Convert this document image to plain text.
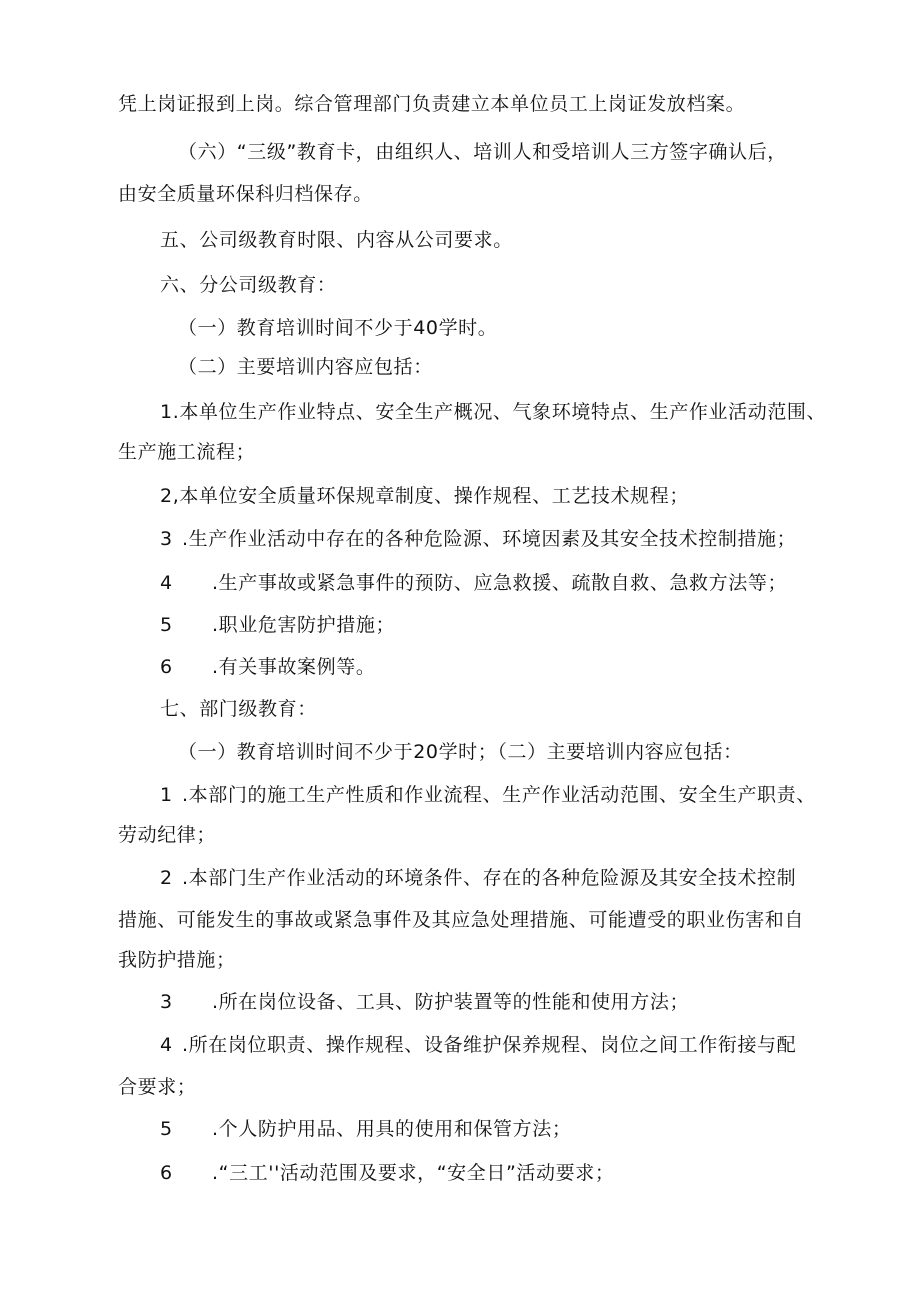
凭上岗证报到上岗。综合管理部门负责建立本单位员工上岗证发放档案。
（六）“三级”教育卡，由组织人、培训人和受培训人三方签字确认后，
由安全质量环保科归档保存。
五、公司级教育时限、内容从公司要求。
六、分公司级教育：
（一）教育培训时间不少于40学时。
（二）主要培训内容应包括：
1.本单位生产作业特点、安全生产概况、气象环境特点、生产作业活动范围、
生产施工流程；
2,本单位安全质量环保规章制度、操作规程、工艺技术规程；
3 .生产作业活动中存在的各种危险源、环境因素及其安全技术控制措施；
4	.生产事故或紧急事件的预防、应急救援、疏散自救、急救方法等；
5	.职业危害防护措施；
6	.有关事故案例等。
七、部门级教育：
（一）教育培训时间不少于20学时；（二）主要培训内容应包括：
1 .本部门的施工生产性质和作业流程、生产作业活动范围、安全生产职责、
劳动纪律；
2 .本部门生产作业活动的环境条件、存在的各种危险源及其安全技术控制
措施、可能发生的事故或紧急事件及其应急处理措施、可能遭受的职业伤害和自
我防护措施；
3	.所在岗位设备、工具、防护装置等的性能和使用方法；
4 .所在岗位职责、操作规程、设备维护保养规程、岗位之间工作衔接与配
合要求；
5	.个人防护用品、用具的使用和保管方法；
6	.“三工''活动范围及要求，“安全日”活动要求；
